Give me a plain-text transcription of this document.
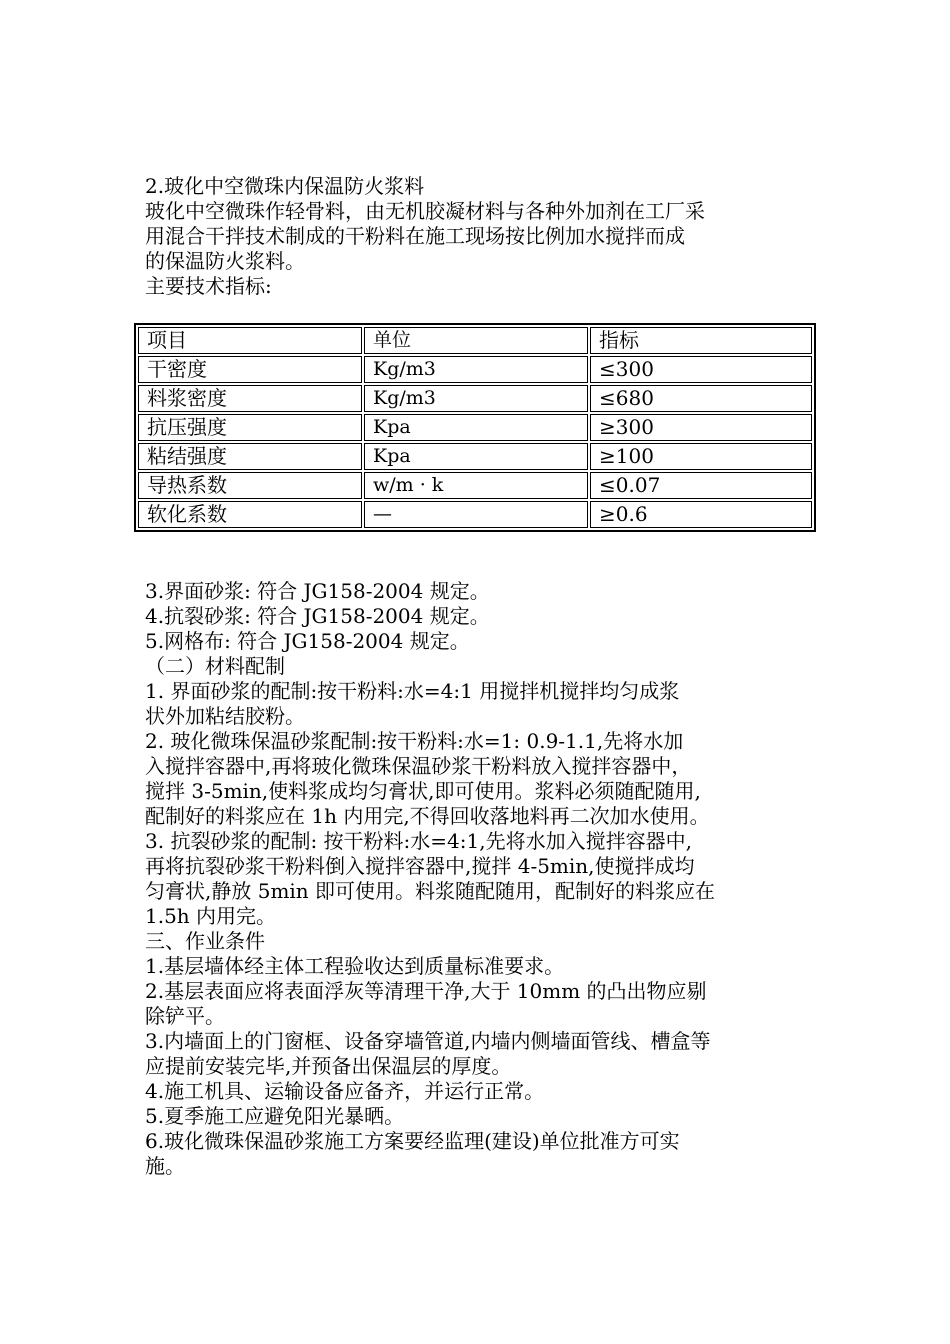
2.玻化中空微珠内保温防火浆料
玻化中空微珠作轻骨料，由无机胶凝材料与各种外加剂在工厂采
用混合干拌技术制成的干粉料在施工现场按比例加水搅拌而成
的保温防火浆料。
主要技术指标:
项目	单位	指标
干密度	Kg/m3	≤300
料浆密度	Kg/m3	≤680
抗压强度	Kpa	≥300
粘结强度	Kpa	≥100
导热系数	w/m · k	≤0.07
软化系数	—	≥0.6
3.界面砂浆: 符合 JG158-2004 规定。
4.抗裂砂浆: 符合 JG158-2004 规定。
5.网格布: 符合 JG158-2004 规定。
（二）材料配制
1. 界面砂浆的配制:按干粉料:水=4:1 用搅拌机搅拌均匀成浆
状外加粘结胶粉。
2. 玻化微珠保温砂浆配制:按干粉料:水=1: 0.9-1.1,先将水加
入搅拌容器中,再将玻化微珠保温砂浆干粉料放入搅拌容器中，
搅拌 3-5min,使料浆成均匀膏状,即可使用。浆料必须随配随用,
配制好的料浆应在 1h 内用完,不得回收落地料再二次加水使用。
3. 抗裂砂浆的配制: 按干粉料:水=4:1,先将水加入搅拌容器中,
再将抗裂砂浆干粉料倒入搅拌容器中,搅拌 4-5min,使搅拌成均
匀膏状,静放 5min 即可使用。料浆随配随用，配制好的料浆应在
1.5h 内用完。
三、作业条件
1.基层墙体经主体工程验收达到质量标准要求。
2.基层表面应将表面浮灰等清理干净,大于 10mm 的凸出物应剔
除铲平。
3.内墙面上的门窗框、设备穿墙管道,内墙内侧墙面管线、槽盒等
应提前安装完毕,并预备出保温层的厚度。
4.施工机具、运输设备应备齐，并运行正常。
5.夏季施工应避免阳光暴晒。
6.玻化微珠保温砂浆施工方案要经监理(建设)单位批准方可实
施。
